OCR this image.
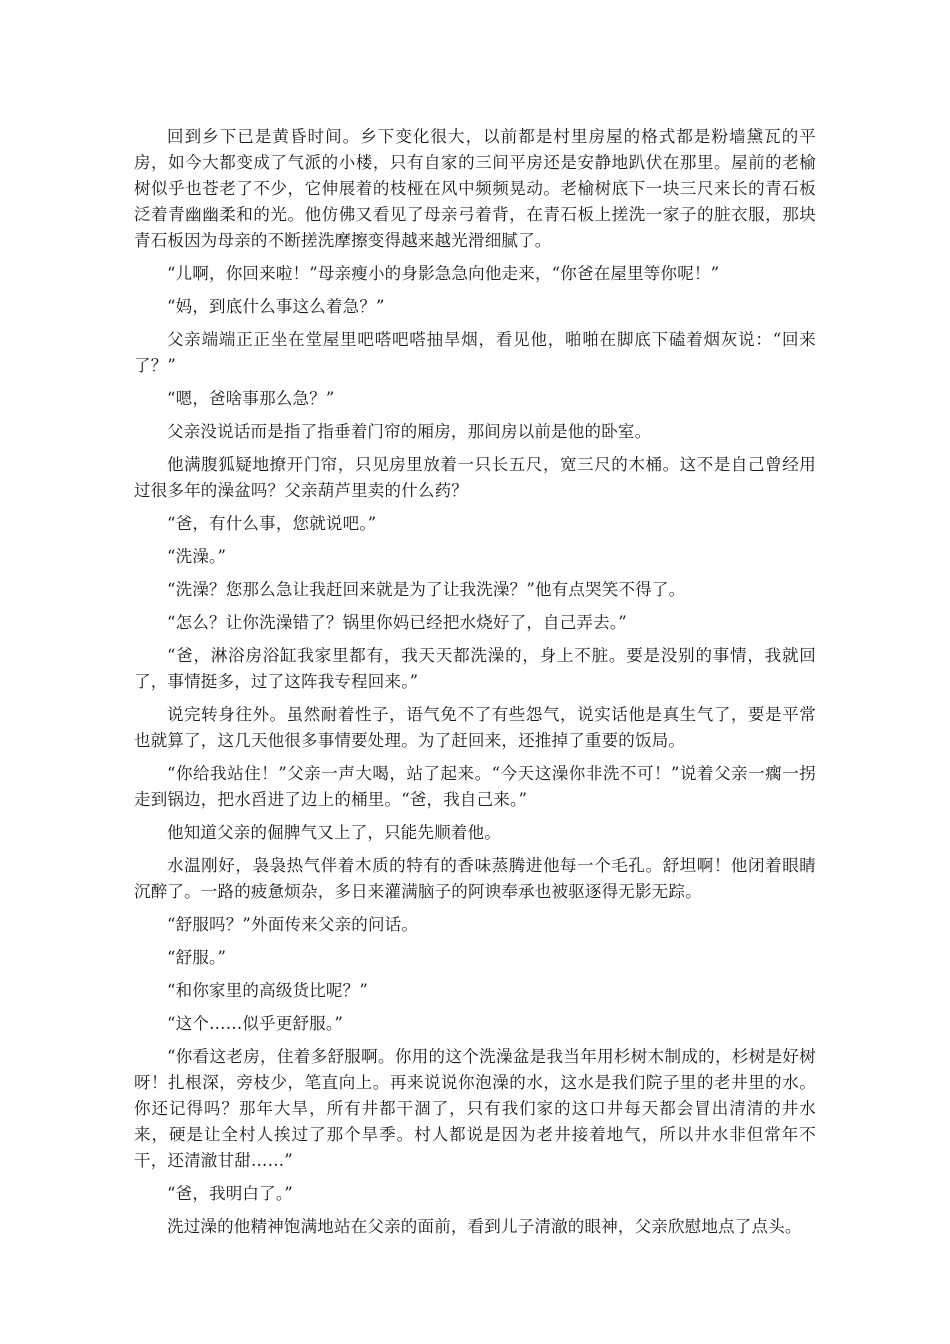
回到乡下已是黄昏时间。乡下变化很大，以前都是村里房屋的格式都是粉墙黛瓦的平房，如今大都变成了气派的小楼，只有自家的三间平房还是安静地趴伏在那里。屋前的老榆树似乎也苍老了不少，它伸展着的枝桠在风中频频晃动。老榆树底下一块三尺来长的青石板泛着青幽幽柔和的光。他仿佛又看见了母亲弓着背，在青石板上搓洗一家子的脏衣服，那块青石板因为母亲的不断搓洗摩擦变得越来越光滑细腻了。

“儿啊，你回来啦！”母亲瘦小的身影急急向他走来，“你爸在屋里等你呢！”

“妈，到底什么事这么着急？”

父亲端端正正坐在堂屋里吧嗒吧嗒抽旱烟，看见他，啪啪在脚底下磕着烟灰说：“回来了？”

“嗯，爸啥事那么急？”

父亲没说话而是指了指垂着门帘的厢房，那间房以前是他的卧室。

他满腹狐疑地撩开门帘，只见房里放着一只长五尺，宽三尺的木桶。这不是自己曾经用过很多年的澡盆吗？父亲葫芦里卖的什么药？

“爸，有什么事，您就说吧。”

“洗澡。”

“洗澡？您那么急让我赶回来就是为了让我洗澡？”他有点哭笑不得了。

“怎么？让你洗澡错了？锅里你妈已经把水烧好了，自己弄去。”

“爸，淋浴房浴缸我家里都有，我天天都洗澡的，身上不脏。要是没别的事情，我就回了，事情挺多，过了这阵我专程回来。”

说完转身往外。虽然耐着性子，语气免不了有些怨气，说实话他是真生气了，要是平常也就算了，这几天他很多事情要处理。为了赶回来，还推掉了重要的饭局。

“你给我站住！”父亲一声大喝，站了起来。“今天这澡你非洗不可！”说着父亲一瘸一拐走到锅边，把水舀进了边上的桶里。“爸，我自己来。”

他知道父亲的倔脾气又上了，只能先顺着他。

水温刚好，袅袅热气伴着木质的特有的香味蒸腾进他每一个毛孔。舒坦啊！他闭着眼睛沉醉了。一路的疲惫烦杂，多日来灌满脑子的阿谀奉承也被驱逐得无影无踪。

“舒服吗？”外面传来父亲的问话。

“舒服。”

“和你家里的高级货比呢？”

“这个……似乎更舒服。”

“你看这老房，住着多舒服啊。你用的这个洗澡盆是我当年用杉树木制成的，杉树是好树呀！扎根深，旁枝少，笔直向上。再来说说你泡澡的水，这水是我们院子里的老井里的水。你还记得吗？那年大旱，所有井都干涸了，只有我们家的这口井每天都会冒出清清的井水来，硬是让全村人挨过了那个旱季。村人都说是因为老井接着地气，所以井水非但常年不干，还清澈甘甜……”

“爸，我明白了。”

洗过澡的他精神饱满地站在父亲的面前，看到儿子清澈的眼神，父亲欣慰地点了点头。
